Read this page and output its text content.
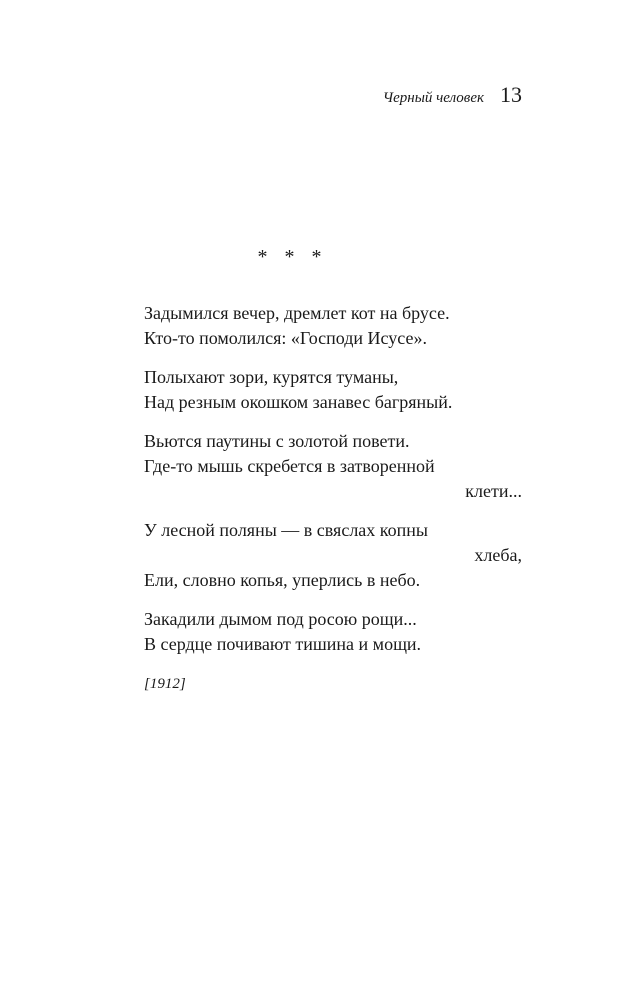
Черный человек 13
* * *
Задымился вечер, дремлет кот на брусе.
Кто-то помолился: «Господи Исусе».
Полыхают зори, курятся туманы,
Над резным окошком занавес багряный.
Вьются паутины с золотой повети.
Где-то мышь скребется в затворенной
клети...
У лесной поляны — в свяслах копны
хлеба,
Ели, словно копья, уперлись в небо.
Закадили дымом под росою рощи...
В сердце почивают тишина и мощи.
[1912]
